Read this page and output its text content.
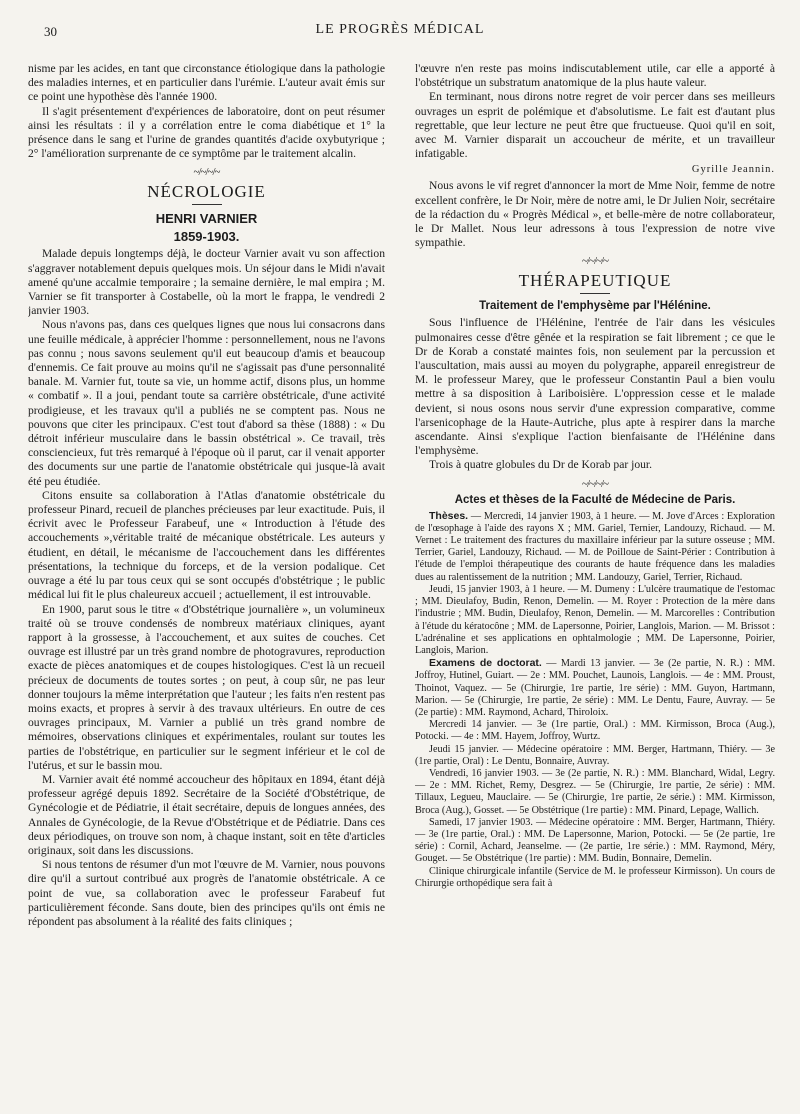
30	LE PROGRÈS MÉDICAL

nisme par les acides, en tant que circonstance étiologique dans la pathologie des maladies internes, et en particulier dans l'urémie. L'auteur avait émis sur ce point une hypothèse dès l'année 1900.

Il s'agit présentement d'expériences de laboratoire, dont on peut résumer ainsi les résultats : il y a corrélation entre le coma diabétique et 1° la présence dans le sang et l'urine de grandes quantités d'acide oxybutyrique ; 2° l'amélioration surprenante de ce symptôme par le traitement alcalin.

~/~/~/~
NÉCROLOGIE
HENRI VARNIER
1859-1903.

Malade depuis longtemps déjà, le docteur Varnier avait vu son affection s'aggraver notablement depuis quelques mois. Un séjour dans le Midi n'avait amené qu'une accalmie temporaire ; la semaine dernière, le mal empira ; M. Varnier se fit transporter à Costabelle, où la mort le frappa, le vendredi 2 janvier 1903.

Nous n'avons pas, dans ces quelques lignes que nous lui consacrons dans une feuille médicale, à apprécier l'homme : personnellement, nous ne l'avons pas connu ; nous savons seulement qu'il eut beaucoup d'amis et beaucoup d'ennemis. Ce fait prouve au moins qu'il ne s'agissait pas d'une personnalité banale. M. Varnier fut, toute sa vie, un homme actif, disons plus, un homme « combatif ». Il a joui, pendant toute sa carrière obstétricale, d'une activité prodigieuse, et les travaux qu'il a publiés ne se comptent pas. Nous ne pouvons que citer les principaux. C'est tout d'abord sa thèse (1888) : « Du détroit inférieur musculaire dans le bassin obstétrical ». Ce travail, très consciencieux, fut très remarqué à l'époque où il parut, car il venait apporter des documents sur une partie de l'anatomie obstétricale qui jusque-là avait été peu étudiée.

Citons ensuite sa collaboration à l'Atlas d'anatomie obstétricale du professeur Pinard, recueil de planches précieuses par leur exactitude. Puis, il écrivit avec le Professeur Farabeuf, une « Introduction à l'étude des accouchements »,véritable traité de mécanique obstétricale. Les auteurs y étudient, en détail, le mécanisme de l'accouchement dans les différentes présentations, la technique du forceps, et de la version podalique. Cet ouvrage a été lu par tous ceux qui se sont occupés d'obstétrique ; le public médical lui fit le plus chaleureux accueil ; actuellement, il est introuvable.

En 1900, parut sous le titre « d'Obstétrique journalière », un volumineux traité où se trouve condensés de nombreux matériaux cliniques, ayant rapport à la grossesse, à l'accouchement, et aux suites de couches. Cet ouvrage est illustré par un très grand nombre de photogravures, reproduction exacte de pièces anatomiques et de coupes histologiques. C'est là un recueil précieux de documents de toutes sortes ; on peut, à coup sûr, ne pas leur donner toujours la même interprétation que l'auteur ; les faits n'en restent pas moins exacts, et propres à servir à des travaux ultérieurs. En outre de ces ouvrages principaux, M. Varnier a publié un très grand nombre de mémoires, observations cliniques et expérimentales, roulant sur toutes les parties de l'obstétrique, en particulier sur le segment inférieur et le col de l'utérus, et sur le bassin mou.

M. Varnier avait été nommé accoucheur des hôpitaux en 1894, étant déjà professeur agrégé depuis 1892. Secrétaire de la Société d'Obstétrique, de Gynécologie et de Pédiatrie, il était secrétaire, depuis de longues années, des Annales de Gynécologie, de la Revue d'Obstétrique et de Pédiatrie. Dans ces deux périodiques, on trouve son nom, à chaque instant, soit en tête d'articles originaux, soit dans les discussions.

Si nous tentons de résumer d'un mot l'œuvre de M. Varnier, nous pouvons dire qu'il a surtout contribué aux progrès de l'anatomie obstétricale. A ce point de vue, sa collaboration avec le professeur Farabeuf fut particulièrement féconde. Sans doute, bien des principes qu'ils ont émis ne répondent pas absolument à la réalité des faits cliniques ;

l'œuvre n'en reste pas moins indiscutablement utile, car elle a apporté à l'obstétrique un substratum anatomique de la plus haute valeur.

En terminant, nous dirons notre regret de voir percer dans ses meilleurs ouvrages un esprit de polémique et d'absolutisme. Le fait est d'autant plus regrettable, que leur lecture ne peut être que fructueuse. Quoi qu'il en soit, avec M. Varnier disparait un accoucheur de mérite, et un travailleur infatigable.

Gyrille Jeannin.

Nous avons le vif regret d'annoncer la mort de Mme Noir, femme de notre excellent confrère, le Dr Noir, mère de notre ami, le Dr Julien Noir, secrétaire de la rédaction du « Progrès Médical », et belle-mère de notre collaborateur, le Dr Mallet. Nous leur adressons à tous l'expression de notre vive sympathie.

~/~/~/~
THÉRAPEUTIQUE
Traitement de l'emphysème par l'Hélénine.

Sous l'influence de l'Hélénine, l'entrée de l'air dans les vésicules pulmonaires cesse d'être gênée et la respiration se fait librement ; ce que le Dr de Korab a constaté maintes fois, non seulement par la percussion et l'auscultation, mais aussi au moyen du polygraphe, appareil enregistreur de M. le professeur Marey, que le professeur Constantin Paul a bien voulu mettre à sa disposition à Lariboisière. L'oppression cesse et le malade devient, si nous osons nous servir d'une expression comparative, comme l'arsenicophage de la Haute-Autriche, plus apte à respirer dans la marche ascendante. Ainsi s'explique l'action bienfaisante de l'Hélénine dans l'emphysème.

Trois à quatre globules du Dr de Korab par jour.

~/~/~/~
Actes et thèses de la Faculté de Médecine de Paris.

Thèses. — Mercredi, 14 janvier 1903, à 1 heure. — M. Jove d'Arces : Exploration de l'œsophage à l'aide des rayons X ; MM. Gariel, Ternier, Landouzy, Richaud. — M. Vernet : Le traitement des fractures du maxillaire inférieur par la suture osseuse ; MM. Terrier, Gariel, Landouzy, Richaud. — M. de Poilloue de Saint-Périer : Contribution à l'étude de l'emploi thérapeutique des courants de haute fréquence dans les maladies dues au ralentissement de la nutrition ; MM. Landouzy, Gariel, Terrier, Richaud.

Jeudi, 15 janvier 1903, à 1 heure. — M. Dumeny : L'ulcère traumatique de l'estomac ; MM. Dieulafoy, Budin, Renon, Demelin. — M. Royer : Protection de la mère dans l'industrie ; MM. Budin, Dieulafoy, Renon, Demelin. — M. Marcorelles : Contribution à l'étude du kératocône ; MM. de Lapersonne, Poirier, Langlois, Marion. — M. Brissot : L'adrénaline et ses applications en ophtalmologie ; MM. De Lapersonne, Poirier, Langlois, Marion.

Examens de doctorat. — Mardi 13 janvier. — 3e (2e partie, N. R.) : MM. Joffroy, Hutinel, Guiart. — 2e : MM. Pouchet, Launois, Langlois. — 4e : MM. Proust, Thoinot, Vaquez. — 5e (Chirurgie, 1re partie, 1re série) : MM. Guyon, Hartmann, Marion. — 5e (Chirurgie, 1re partie, 2e série) : MM. Le Dentu, Faure, Auvray. — 5e (2e partie) : MM. Raymond, Achard, Thiroloix.

Mercredi 14 janvier. — 3e (1re partie, Oral.) : MM. Kirmisson, Broca (Aug.), Potocki. — 4e : MM. Hayem, Joffroy, Wurtz.

Jeudi 15 janvier. — Médecine opératoire : MM. Berger, Hartmann, Thiéry. — 3e (1re partie, Oral) : Le Dentu, Bonnaire, Auvray.

Vendredi, 16 janvier 1903. — 3e (2e partie, N. R.) : MM. Blanchard, Widal, Legry. — 2e : MM. Richet, Remy, Desgrez. — 5e (Chirurgie, 1re partie, 2e série) : MM. Tillaux, Legueu, Mauclaire. — 5e (Chirurgie, 1re partie, 2e série.) : MM. Kirmisson, Broca (Aug.), Gosset. — 5e Obstétrique (1re partie) : MM. Pinard, Lepage, Wallich.

Samedi, 17 janvier 1903. — Médecine opératoire : MM. Berger, Hartmann, Thiéry. — 3e (1re partie, Oral.) : MM. De Lapersonne, Marion, Potocki. — 5e (2e partie, 1re série) : Cornil, Achard, Jeanselme. — (2e partie, 1re série.) : MM. Raymond, Méry, Gouget. — 5e Obstétrique (1re partie) : MM. Budin, Bonnaire, Demelin.

Clinique chirurgicale infantile (Service de M. le professeur Kirmisson). Un cours de Chirurgie orthopédique sera fait à
